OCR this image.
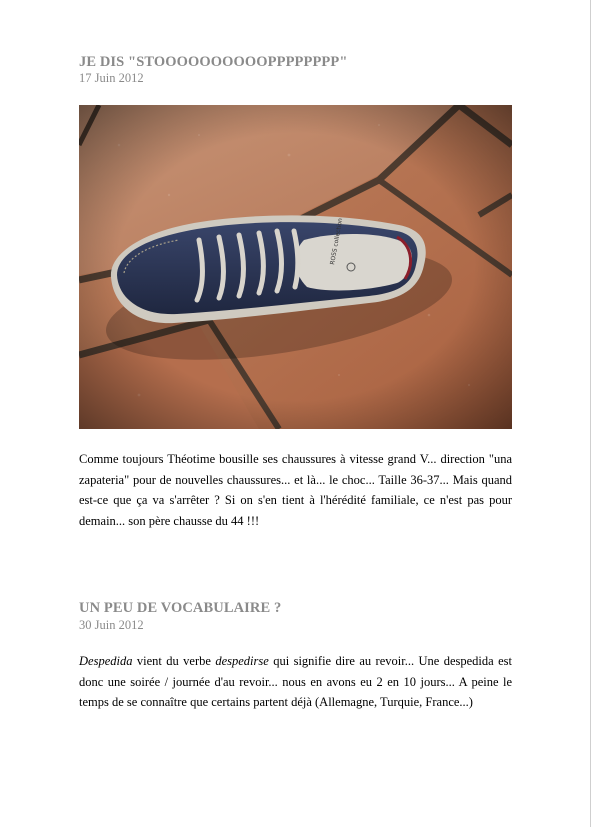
JE DIS "STOOOOOOOOOOPPPPPPPP"
17 Juin 2012
Comme toujours Théotime bousille ses chaussures à vitesse grand V... direction "una zapateria" pour de nouvelles chaussures... et là... le choc... Taille 36-37... Mais quand est-ce que ça va s'arrêter ? Si on s'en tient à l'hérédité familiale, ce n'est pas pour demain... son père chausse du 44 !!!
UN PEU DE VOCABULAIRE ?
30 Juin 2012
Despedida vient du verbe despedirse qui signifie dire au revoir... Une despedida est donc une soirée / journée d'au revoir... nous en avons eu 2 en 10 jours... A peine le temps de se connaître que certains partent déjà (Allemagne, Turquie, France...)
